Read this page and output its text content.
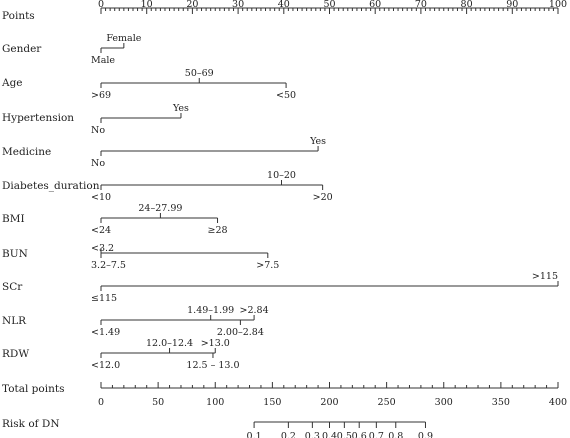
Points
0	10	20	30	40	50	60	70	80	90	100
Gender
Male
Female
Age
>69
50–69
<50
Hypertension
No
Yes
Medicine
No
Yes
Diabetes_duration
<10
10–20
>20
BMI
<24
24–27.99
≥28
BUN	<3.2
3.2–7.5	>7.5
SCr
≤115
>115
NLR
<1.49
1.49–1.99
2.00–2.84
>2.84
RDW
<12.0
12.0–12.4 >13.0
12.5 – 13.0
Total points
0	50	100	150	200	250	300	350	400
Risk of DN
0.1 0.2 0.3 0.4 0.5 0.6 0.7 0.8 0.9
